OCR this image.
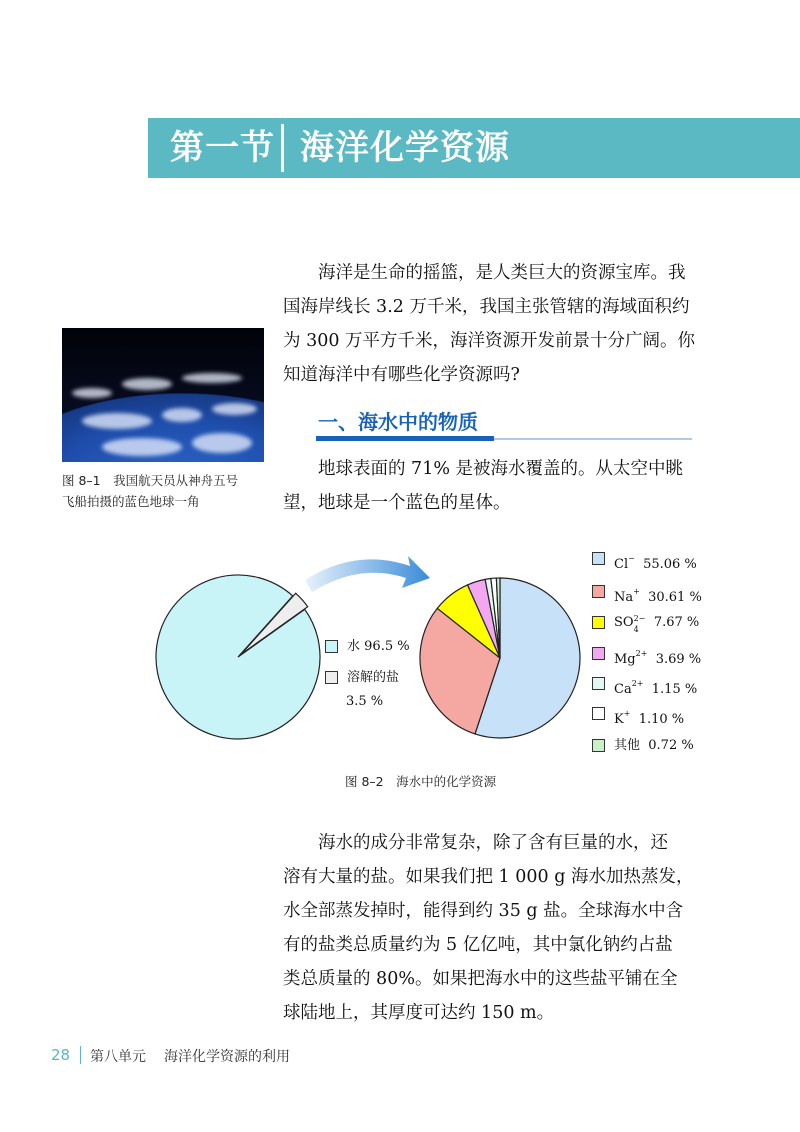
第一节 海洋化学资源
海洋是生命的摇篮，是人类巨大的资源宝库。我
国海岸线长 3.2 万千米，我国主张管辖的海域面积约
为 300 万平方千米，海洋资源开发前景十分广阔。你
知道海洋中有哪些化学资源吗?
图 8–1　我国航天员从神舟五号
飞船拍摄的蓝色地球一角
一、海水中的物质
地球表面的 71% 是被海水覆盖的。从太空中眺
望，地球是一个蓝色的星体。
水 96.5 %
溶解的盐
3.5 %
Cl− 55.06 %
Na+ 30.61 %
SO 2−
4 7.67 %
$Mg^{2+}$ 3.69 %
$Ca^{2+}$ 1.15 %
K+ 1.10 %
其他 0.72 %
图 8–2　海水中的化学资源
海水的成分非常复杂，除了含有巨量的水，还
溶有大量的盐。如果我们把 1 000 g 海水加热蒸发，
水全部蒸发掉时，能得到约 35 g 盐。全球海水中含
有的盐类总质量约为 5 亿亿吨，其中氯化钠约占盐
类总质量的 80%。如果把海水中的这些盐平铺在全
球陆地上，其厚度可达约 150 m。
28 第八单元 海洋化学资源的利用
